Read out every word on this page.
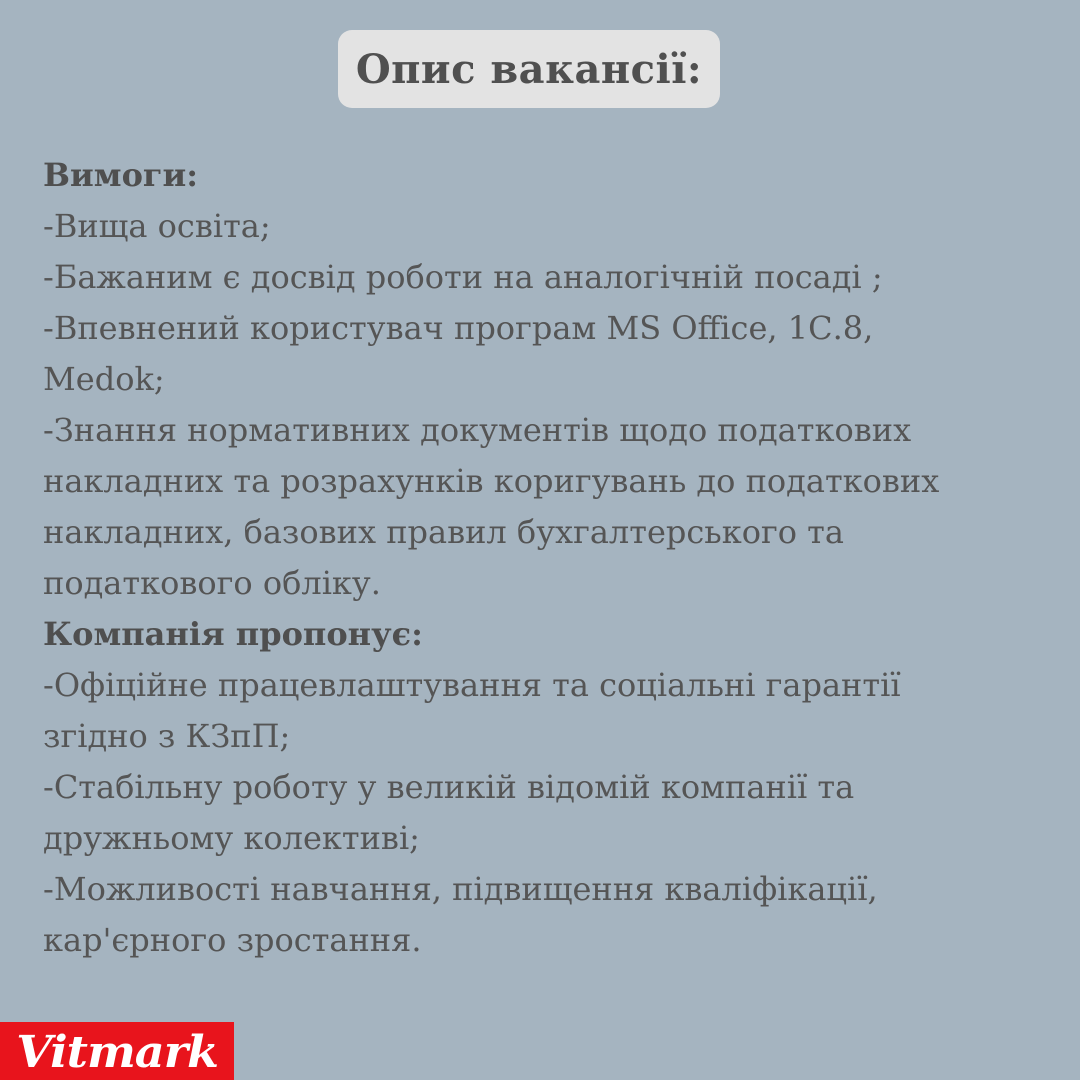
Опис вакансії:
Вимоги:
-Вища освіта;
-Бажаним є досвід роботи на аналогічній посаді ;
-Впевнений користувач програм MS Office, 1С.8,
Medok;
-Знання нормативних документів щодо податкових
накладних та розрахунків коригувань до податкових
накладних, базових правил бухгалтерського та
податкового обліку.
Компанія пропонує:
-Офіційне працевлаштування та соціальні гарантії
згідно з КЗпП;
-Стабільну роботу у великій відомій компанії та
дружньому колективі;
-Можливості навчання, підвищення кваліфікації,
кар'єрного зростання.
Vitmark
